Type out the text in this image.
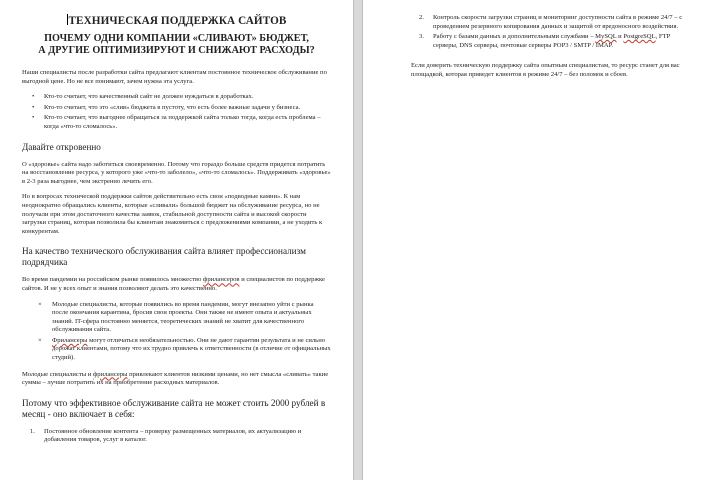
ТЕХНИЧЕСКАЯ ПОДДЕРЖКА САЙТОВ
ПОЧЕМУ ОДНИ КОМПАНИИ «СЛИВАЮТ» БЮДЖЕТ,
А ДРУГИЕ ОПТИМИЗИРУЮТ И СНИЖАЮТ РАСХОДЫ?

Наши специалисты после разработки сайта предлагают клиентам постоянное техническое обслуживание по выгодной цене. Но не все понимают, зачем нужна эта услуга.

• Кто-то считает, что качественный сайт не должен нуждаться в доработках.
• Кто-то считает, что это «слив» бюджета в пустоту, что есть более важные задачи у бизнеса.
• Кто-то считает, что выгоднее обращаться за поддержкой сайта только тогда, когда есть проблема – когда «что-то сломалось».
Давайте откровенно

О «здоровье» сайта надо заботиться своевременно. Потому что гораздо больше средств придется потратить на восстановление ресурса, у которого уже «что-то заболело», «что-то сломалось». Поддерживать «здоровье» в 2-3 раза выгоднее, чем экстренно лечить его.

Но в вопросах технической поддержки сайтов действительно есть свои «подводные камни». К нам неоднократно обращались клиенты, которые «сливали» большой бюджет на обслуживание ресурса, но не получали при этом достаточного качества заявок, стабильной доступности сайта и высокой скорости загрузки страниц, которая позволила бы клиентам знакомиться с предложениями компании, а не уходить к конкурентам.

На качество технического обслуживания сайта влияет профессионализм подрядчика

Во время пандемии на российском рынке появилось множество фрилансеров и специалистов по поддержке сайтов. И не у всех опыт и знания позволяют делать это качественно.

× Молодые специалисты, которые появились во время пандемии, могут внезапно уйти с рынка после окончания карантина, бросив свои проекты. Они также не имеют опыта и актуальных знаний. IT-сфера постоянно меняется, теоретических знаний не хватит для качественного обслуживания сайта.
× Фрилансеры могут отличаться необязательностью. Они не дают гарантии результата и не сильно дорожат клиентами, потому что их трудно привлечь к ответственности (в отличие от официальных студий).

Молодые специалисты и фрилансеры привлекают клиентов низкими ценами, но нет смысла «сливать» такие суммы – лучше потратить их на приобретение расходных материалов.

Потому что эффективное обслуживание сайта не может стоить 2000 рублей в месяц - оно включает в себя:
1. Постоянное обновление контента – проверку размещенных материалов, их актуализацию и добавления товаров, услуг в каталог.
2. Контроль скорости загрузки страниц и мониторинг доступности сайта в режиме 24/7 – с проведением резервного копирования данных и защитой от вредоносного воздействия.
3. Работу с базами данных и дополнительными службами – MySQL и PostgreSQL, FTP серверы, DNS серверы, почтовые серверы POP3 / SMTP / IMAP.

Если доверить техническую поддержку сайта опытным специалистам, то ресурс станет для вас площадкой, которая приведет клиентов в режиме 24/7 – без поломок и сбоев.
